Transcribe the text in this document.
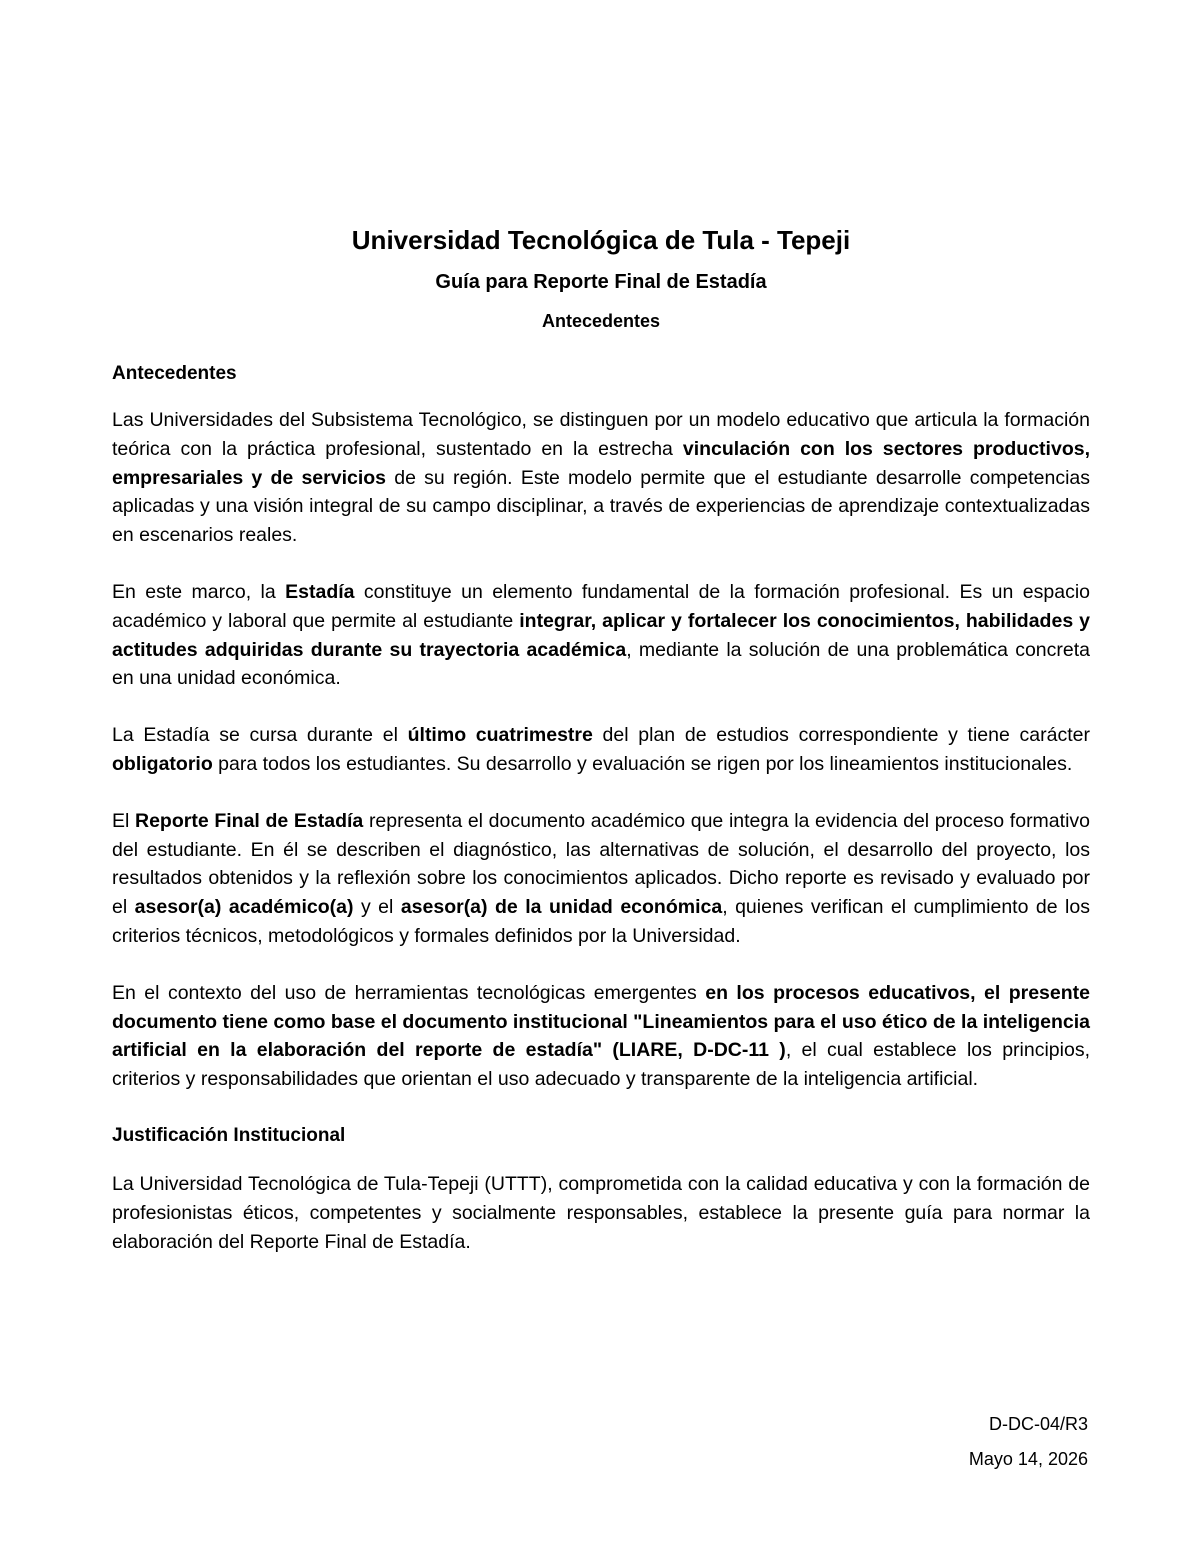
Universidad Tecnológica de Tula - Tepeji
Guía para Reporte Final de Estadía
Antecedentes
Antecedentes

Las Universidades del Subsistema Tecnológico, se distinguen por un modelo educativo que articula la formación teórica con la práctica profesional, sustentado en la estrecha vinculación con los sectores productivos, empresariales y de servicios de su región. Este modelo permite que el estudiante desarrolle competencias aplicadas y una visión integral de su campo disciplinar, a través de experiencias de aprendizaje contextualizadas en escenarios reales.

En este marco, la Estadía constituye un elemento fundamental de la formación profesional. Es un espacio académico y laboral que permite al estudiante integrar, aplicar y fortalecer los conocimientos, habilidades y actitudes adquiridas durante su trayectoria académica, mediante la solución de una problemática concreta en una unidad económica.

La Estadía se cursa durante el último cuatrimestre del plan de estudios correspondiente y tiene carácter obligatorio para todos los estudiantes. Su desarrollo y evaluación se rigen por los lineamientos institucionales.

El Reporte Final de Estadía representa el documento académico que integra la evidencia del proceso formativo del estudiante. En él se describen el diagnóstico, las alternativas de solución, el desarrollo del proyecto, los resultados obtenidos y la reflexión sobre los conocimientos aplicados. Dicho reporte es revisado y evaluado por el asesor(a) académico(a) y el asesor(a) de la unidad económica, quienes verifican el cumplimiento de los criterios técnicos, metodológicos y formales definidos por la Universidad.

En el contexto del uso de herramientas tecnológicas emergentes en los procesos educativos, el presente documento tiene como base el documento institucional "Lineamientos para el uso ético de la inteligencia artificial en la elaboración del reporte de estadía" (LIARE, D-DC-11 ), el cual establece los principios, criterios y responsabilidades que orientan el uso adecuado y transparente de la inteligencia artificial.

Justificación Institucional

La Universidad Tecnológica de Tula-Tepeji (UTTT), comprometida con la calidad educativa y con la formación de profesionistas éticos, competentes y socialmente responsables, establece la presente guía para normar la elaboración del Reporte Final de Estadía.

D-DC-04/R3
Mayo 14, 2026
